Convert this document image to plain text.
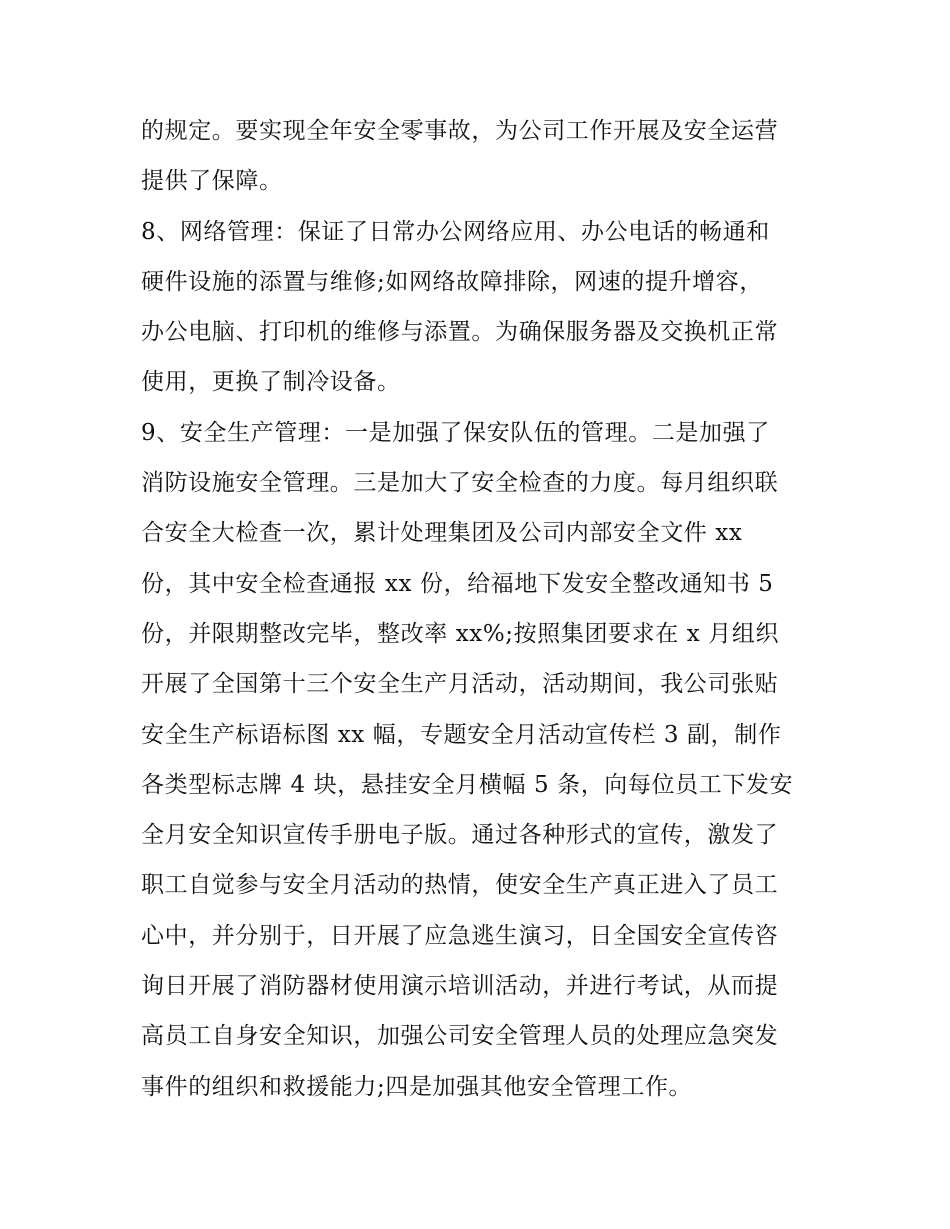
的规定。要实现全年安全零事故，为公司工作开展及安全运营
提供了保障。
8、网络管理：保证了日常办公网络应用、办公电话的畅通和
硬件设施的添置与维修;如网络故障排除，网速的提升增容，
办公电脑、打印机的维修与添置。为确保服务器及交换机正常
使用，更换了制冷设备。
9、安全生产管理：一是加强了保安队伍的管理。二是加强了
消防设施安全管理。三是加大了安全检查的力度。每月组织联
合安全大检查一次，累计处理集团及公司内部安全文件 xx
份，其中安全检查通报 xx 份，给福地下发安全整改通知书 5
份，并限期整改完毕，整改率 xx%;按照集团要求在 x 月组织
开展了全国第十三个安全生产月活动，活动期间，我公司张贴
安全生产标语标图 xx 幅，专题安全月活动宣传栏 3 副，制作
各类型标志牌 4 块，悬挂安全月横幅 5 条，向每位员工下发安
全月安全知识宣传手册电子版。通过各种形式的宣传，激发了
职工自觉参与安全月活动的热情，使安全生产真正进入了员工
心中，并分别于，日开展了应急逃生演习，日全国安全宣传咨
询日开展了消防器材使用演示培训活动，并进行考试，从而提
高员工自身安全知识，加强公司安全管理人员的处理应急突发
事件的组织和救援能力;四是加强其他安全管理工作。
